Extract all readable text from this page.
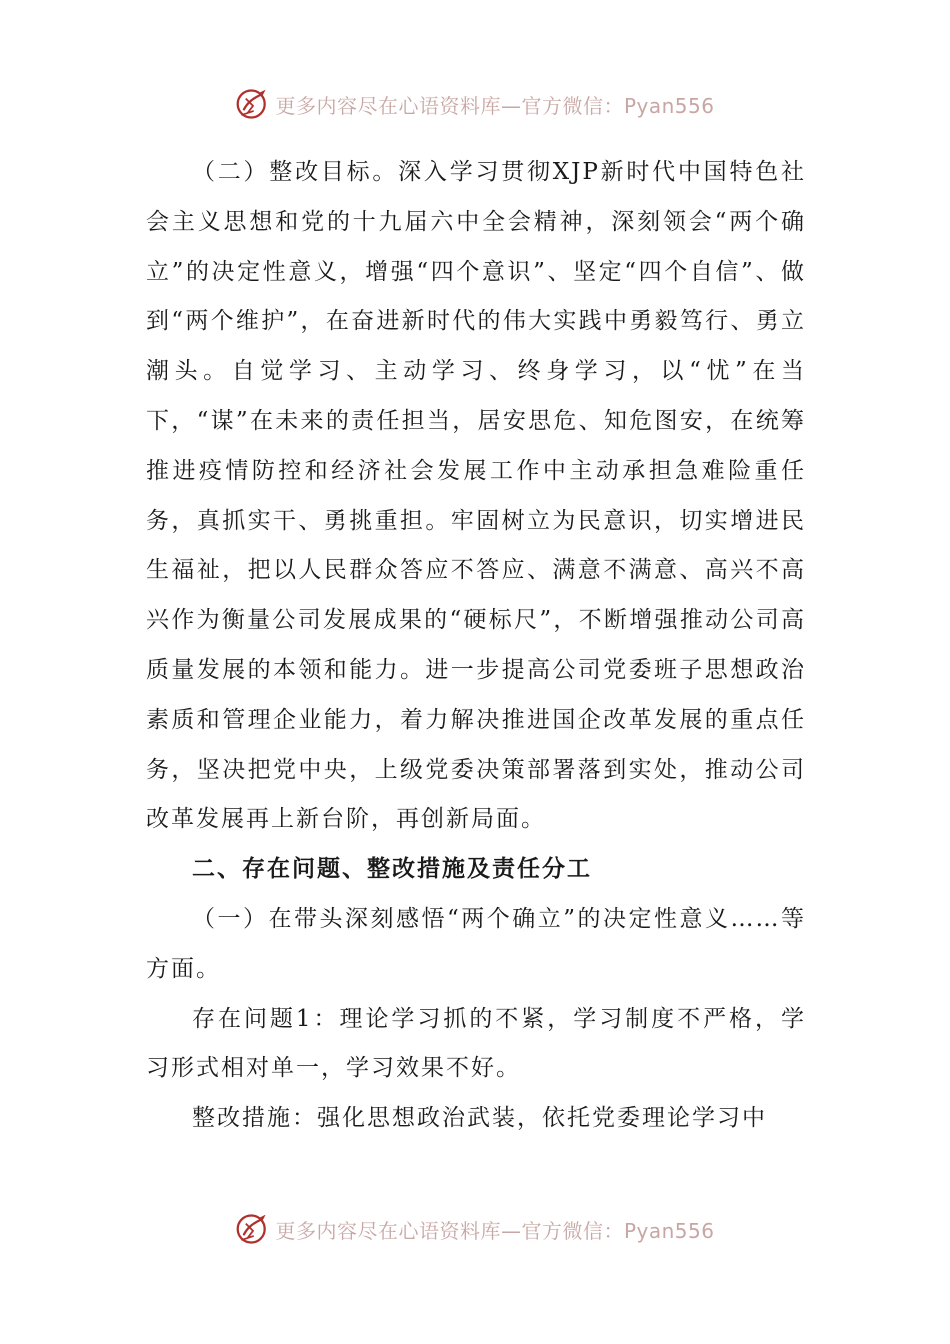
更多内容尽在心语资料库—官方微信：Pyan556

（二）整改目标。深入学习贯彻XJP新时代中国特色社会主义思想和党的十九届六中全会精神，深刻领会“两个确立”的决定性意义，增强“四个意识”、坚定“四个自信”、做到“两个维护”，在奋进新时代的伟大实践中勇毅笃行、勇立潮头。自觉学习、主动学习、终身学习，以“忧”在当下，“谋”在未来的责任担当，居安思危、知危图安，在统筹推进疫情防控和经济社会发展工作中主动承担急难险重任务，真抓实干、勇挑重担。牢固树立为民意识，切实增进民生福祉，把以人民群众答应不答应、满意不满意、高兴不高兴作为衡量公司发展成果的“硬标尺”，不断增强推动公司高质量发展的本领和能力。进一步提高公司党委班子思想政治素质和管理企业能力，着力解决推进国企改革发展的重点任务，坚决把党中央，上级党委决策部署落到实处，推动公司改革发展再上新台阶，再创新局面。

二、存在问题、整改措施及责任分工

（一）在带头深刻感悟“两个确立”的决定性意义……等方面。

存在问题1：理论学习抓的不紧，学习制度不严格，学习形式相对单一，学习效果不好。

整改措施：强化思想政治武装，依托党委理论学习中

更多内容尽在心语资料库—官方微信：Pyan556
